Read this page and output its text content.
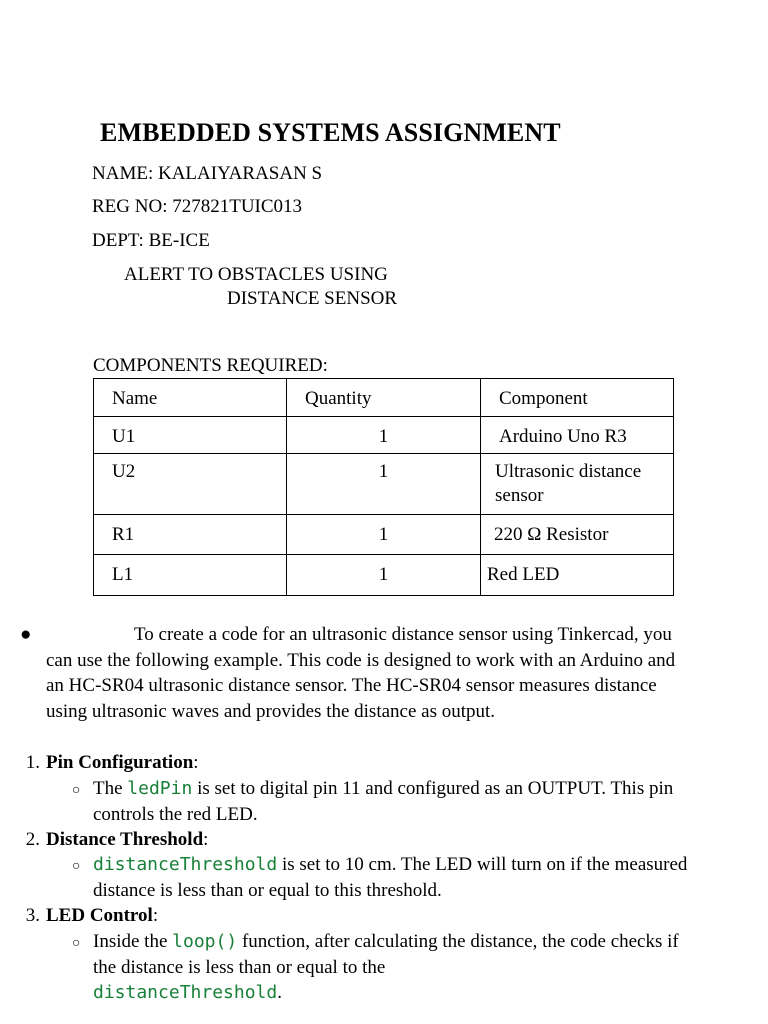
EMBEDDED SYSTEMS ASSIGNMENT
NAME: KALAIYARASAN S
REG NO: 727821TUIC013
DEPT: BE-ICE
ALERT TO OBSTACLES USING
DISTANCE SENSOR
COMPONENTS REQUIRED:
Name	Quantity	Component

U1	1	Arduino Uno R3

U2	1	Ultrasonic distance sensor

R1	1	220 Ω Resistor

L1	1	Red LED
●	To create a code for an ultrasonic distance sensor using Tinkercad, you can use the following example. This code is designed to work with an Arduino and an HC-SR04 ultrasonic distance sensor. The HC-SR04 sensor measures distance using ultrasonic waves and provides the distance as output.
1. Pin Configuration:
○ The ledPin is set to digital pin 11 and configured as an OUTPUT. This pin controls the red LED.
2. Distance Threshold:
○ distanceThreshold is set to 10 cm. The LED will turn on if the measured distance is less than or equal to this threshold.
3. LED Control:
○ Inside the loop() function, after calculating the distance, the code checks if the distance is less than or equal to the
distanceThreshold.
